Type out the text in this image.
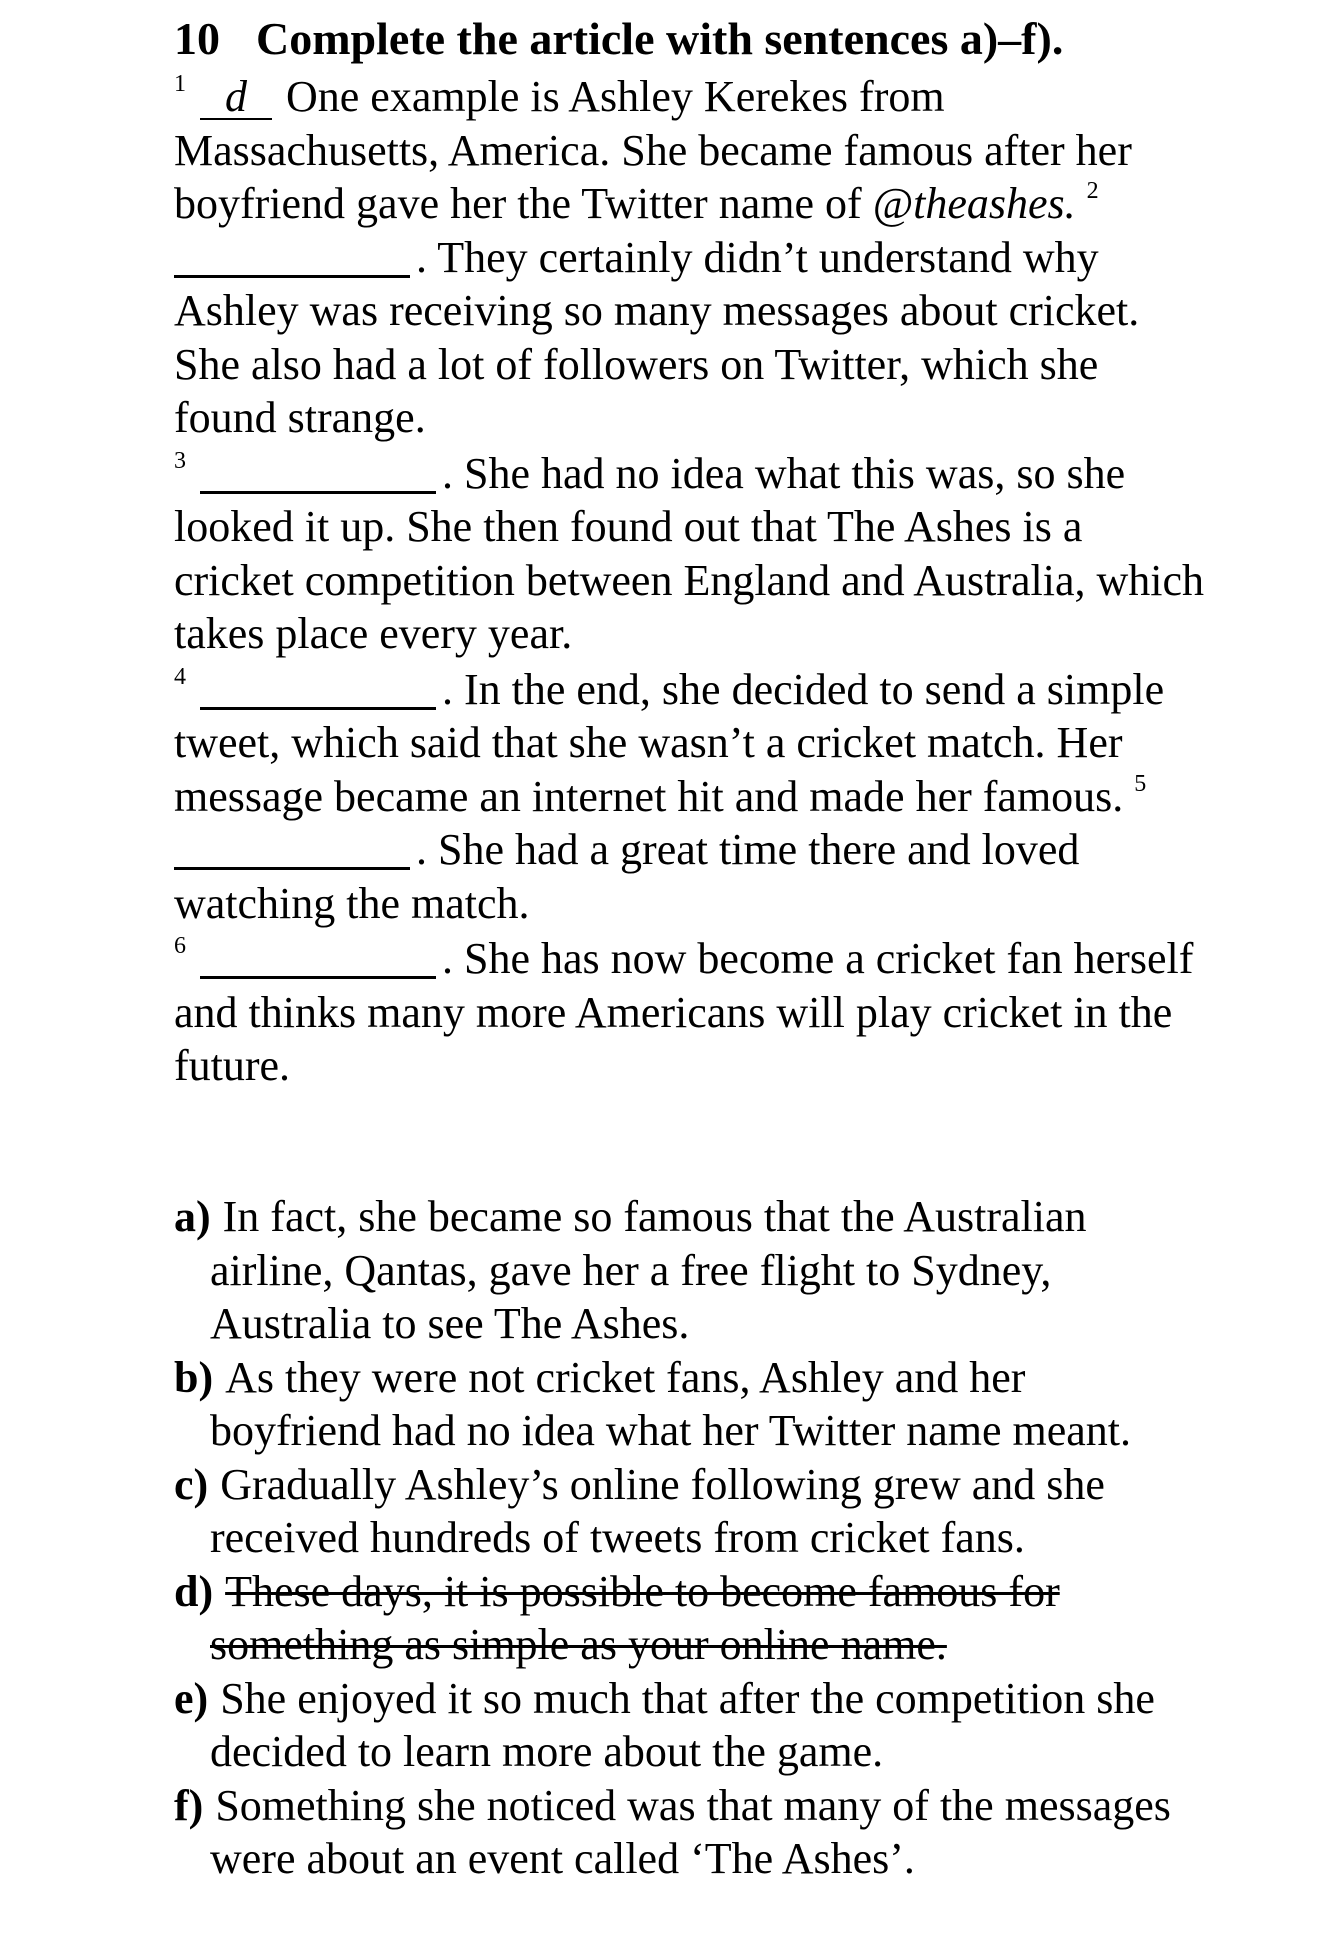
10 Complete the article with sentences a)–f).

$^1$ d One example is Ashley Kerekes from Massachusetts, America. She became famous after her boyfriend gave her the Twitter name of @theashes. $^2$. They certainly didn’t understand why Ashley was receiving so many messages about cricket. She also had a lot of followers on Twitter, which she found strange.

$^3$	. She had no idea what this was, so she looked it up. She then found out that The Ashes is a cricket competition between England and Australia, which takes place every year.

$^4$	. In the end, she decided to send a simple tweet, which said that she wasn’t a cricket match. Her message became an internet hit and made her famous. $^5$. She had a great time there and loved watching the match.

$^6$	. She has now become a cricket fan herself and thinks many more Americans will play cricket in the future.

a) In fact, she became so famous that the Australian airline, Qantas, gave her a free flight to Sydney, Australia to see The Ashes.
b) As they were not cricket fans, Ashley and her boyfriend had no idea what her Twitter name meant.
c) Gradually Ashley’s online following grew and she received hundreds of tweets from cricket fans.
d) These days, it is possible to become famous for something as simple as your online name.
e) She enjoyed it so much that after the competition she decided to learn more about the game.
f) Something she noticed was that many of the messages were about an event called ‘The Ashes’.
